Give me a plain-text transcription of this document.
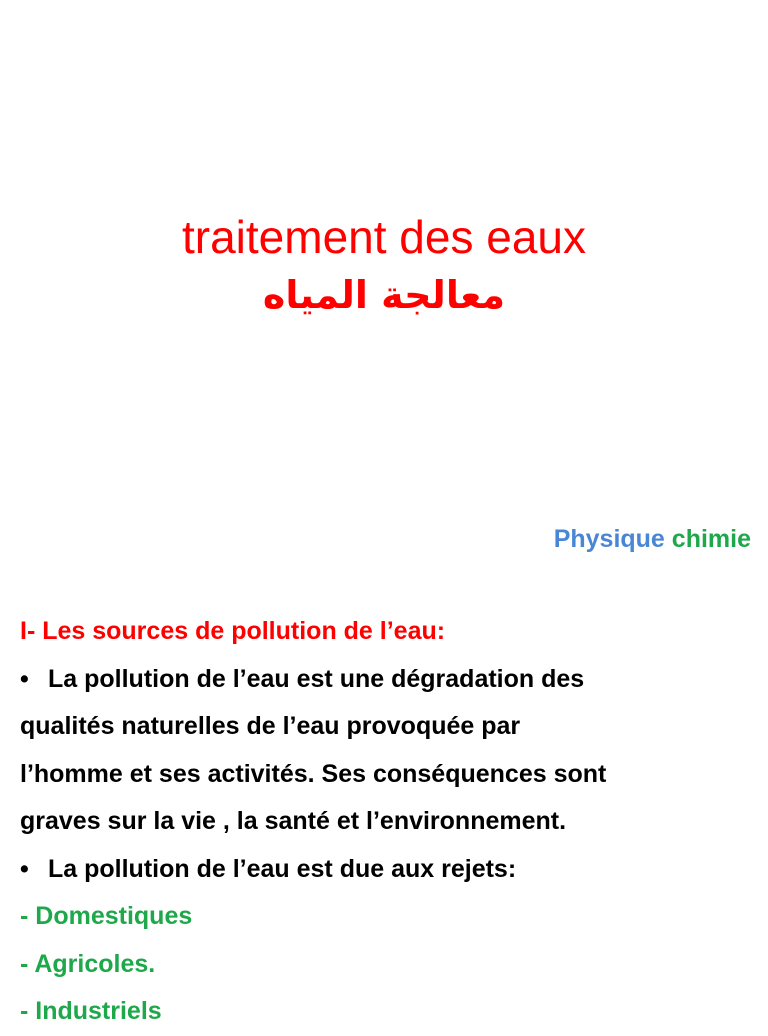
traitement des eaux
معالجة المياه
Physique chimie
I- Les sources de pollution de l’eau:
• La pollution de l’eau est une dégradation des
qualités naturelles de l’eau provoquée par
l’homme et ses activités. Ses conséquences sont
graves sur la vie , la santé et l’environnement.
• La pollution de l’eau est due aux rejets:
- Domestiques
- Agricoles.
- Industriels
